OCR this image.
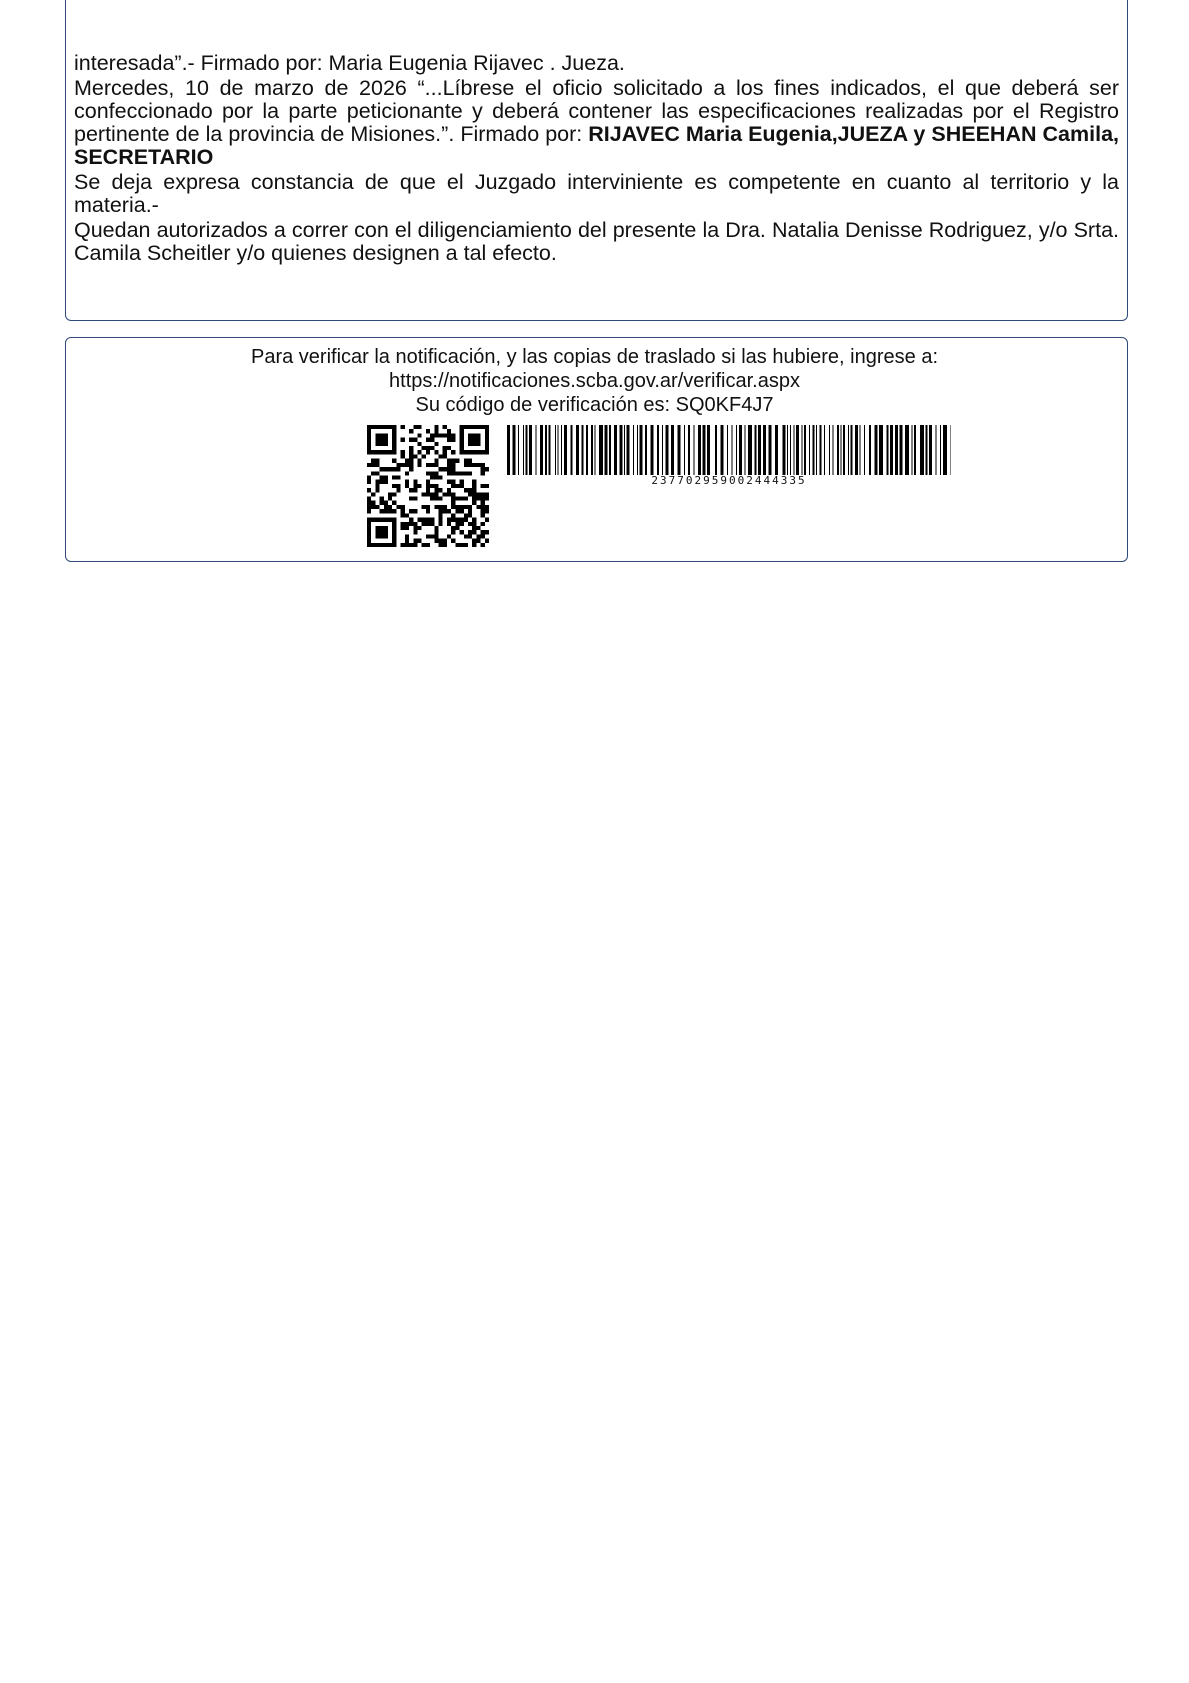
interesada”.- Firmado por: Maria Eugenia Rijavec . Jueza.

Mercedes, 10 de marzo de 2026 “...Líbrese el oficio solicitado a los fines indicados, el que deberá ser confeccionado por la parte peticionante y deberá contener las especificaciones realizadas por el Registro pertinente de la provincia de Misiones.”. Firmado por: RIJAVEC Maria Eugenia,JUEZA y SHEEHAN Camila, SECRETARIO

Se deja expresa constancia de que el Juzgado interviniente es competente en cuanto al territorio y la materia.-

Quedan autorizados a correr con el diligenciamiento del presente la Dra. Natalia Denisse Rodriguez, y/o Srta. Camila Scheitler y/o quienes designen a tal efecto.

Para verificar la notificación, y las copias de traslado si las hubiere, ingrese a:
https://notificaciones.scba.gov.ar/verificar.aspx
Su código de verificación es: SQ0KF4J7
237702959002444335
